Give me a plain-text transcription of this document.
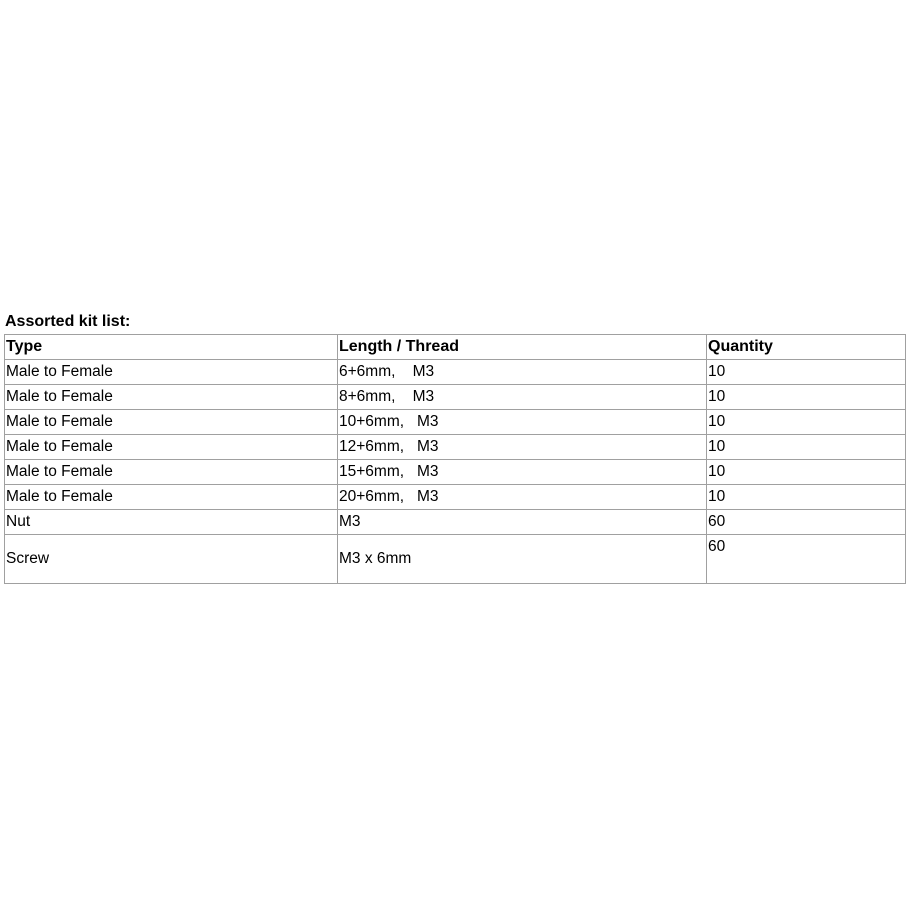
Assorted kit list:
Type	Length / Thread	Quantity
Male to Female	6+6mm,    M3	10
Male to Female	8+6mm,    M3	10
Male to Female	10+6mm,   M3	10
Male to Female	12+6mm,   M3	10
Male to Female	15+6mm,   M3	10
Male to Female	20+6mm,   M3	10
Nut	M3	60
Screw	M3 x 6mm	60
